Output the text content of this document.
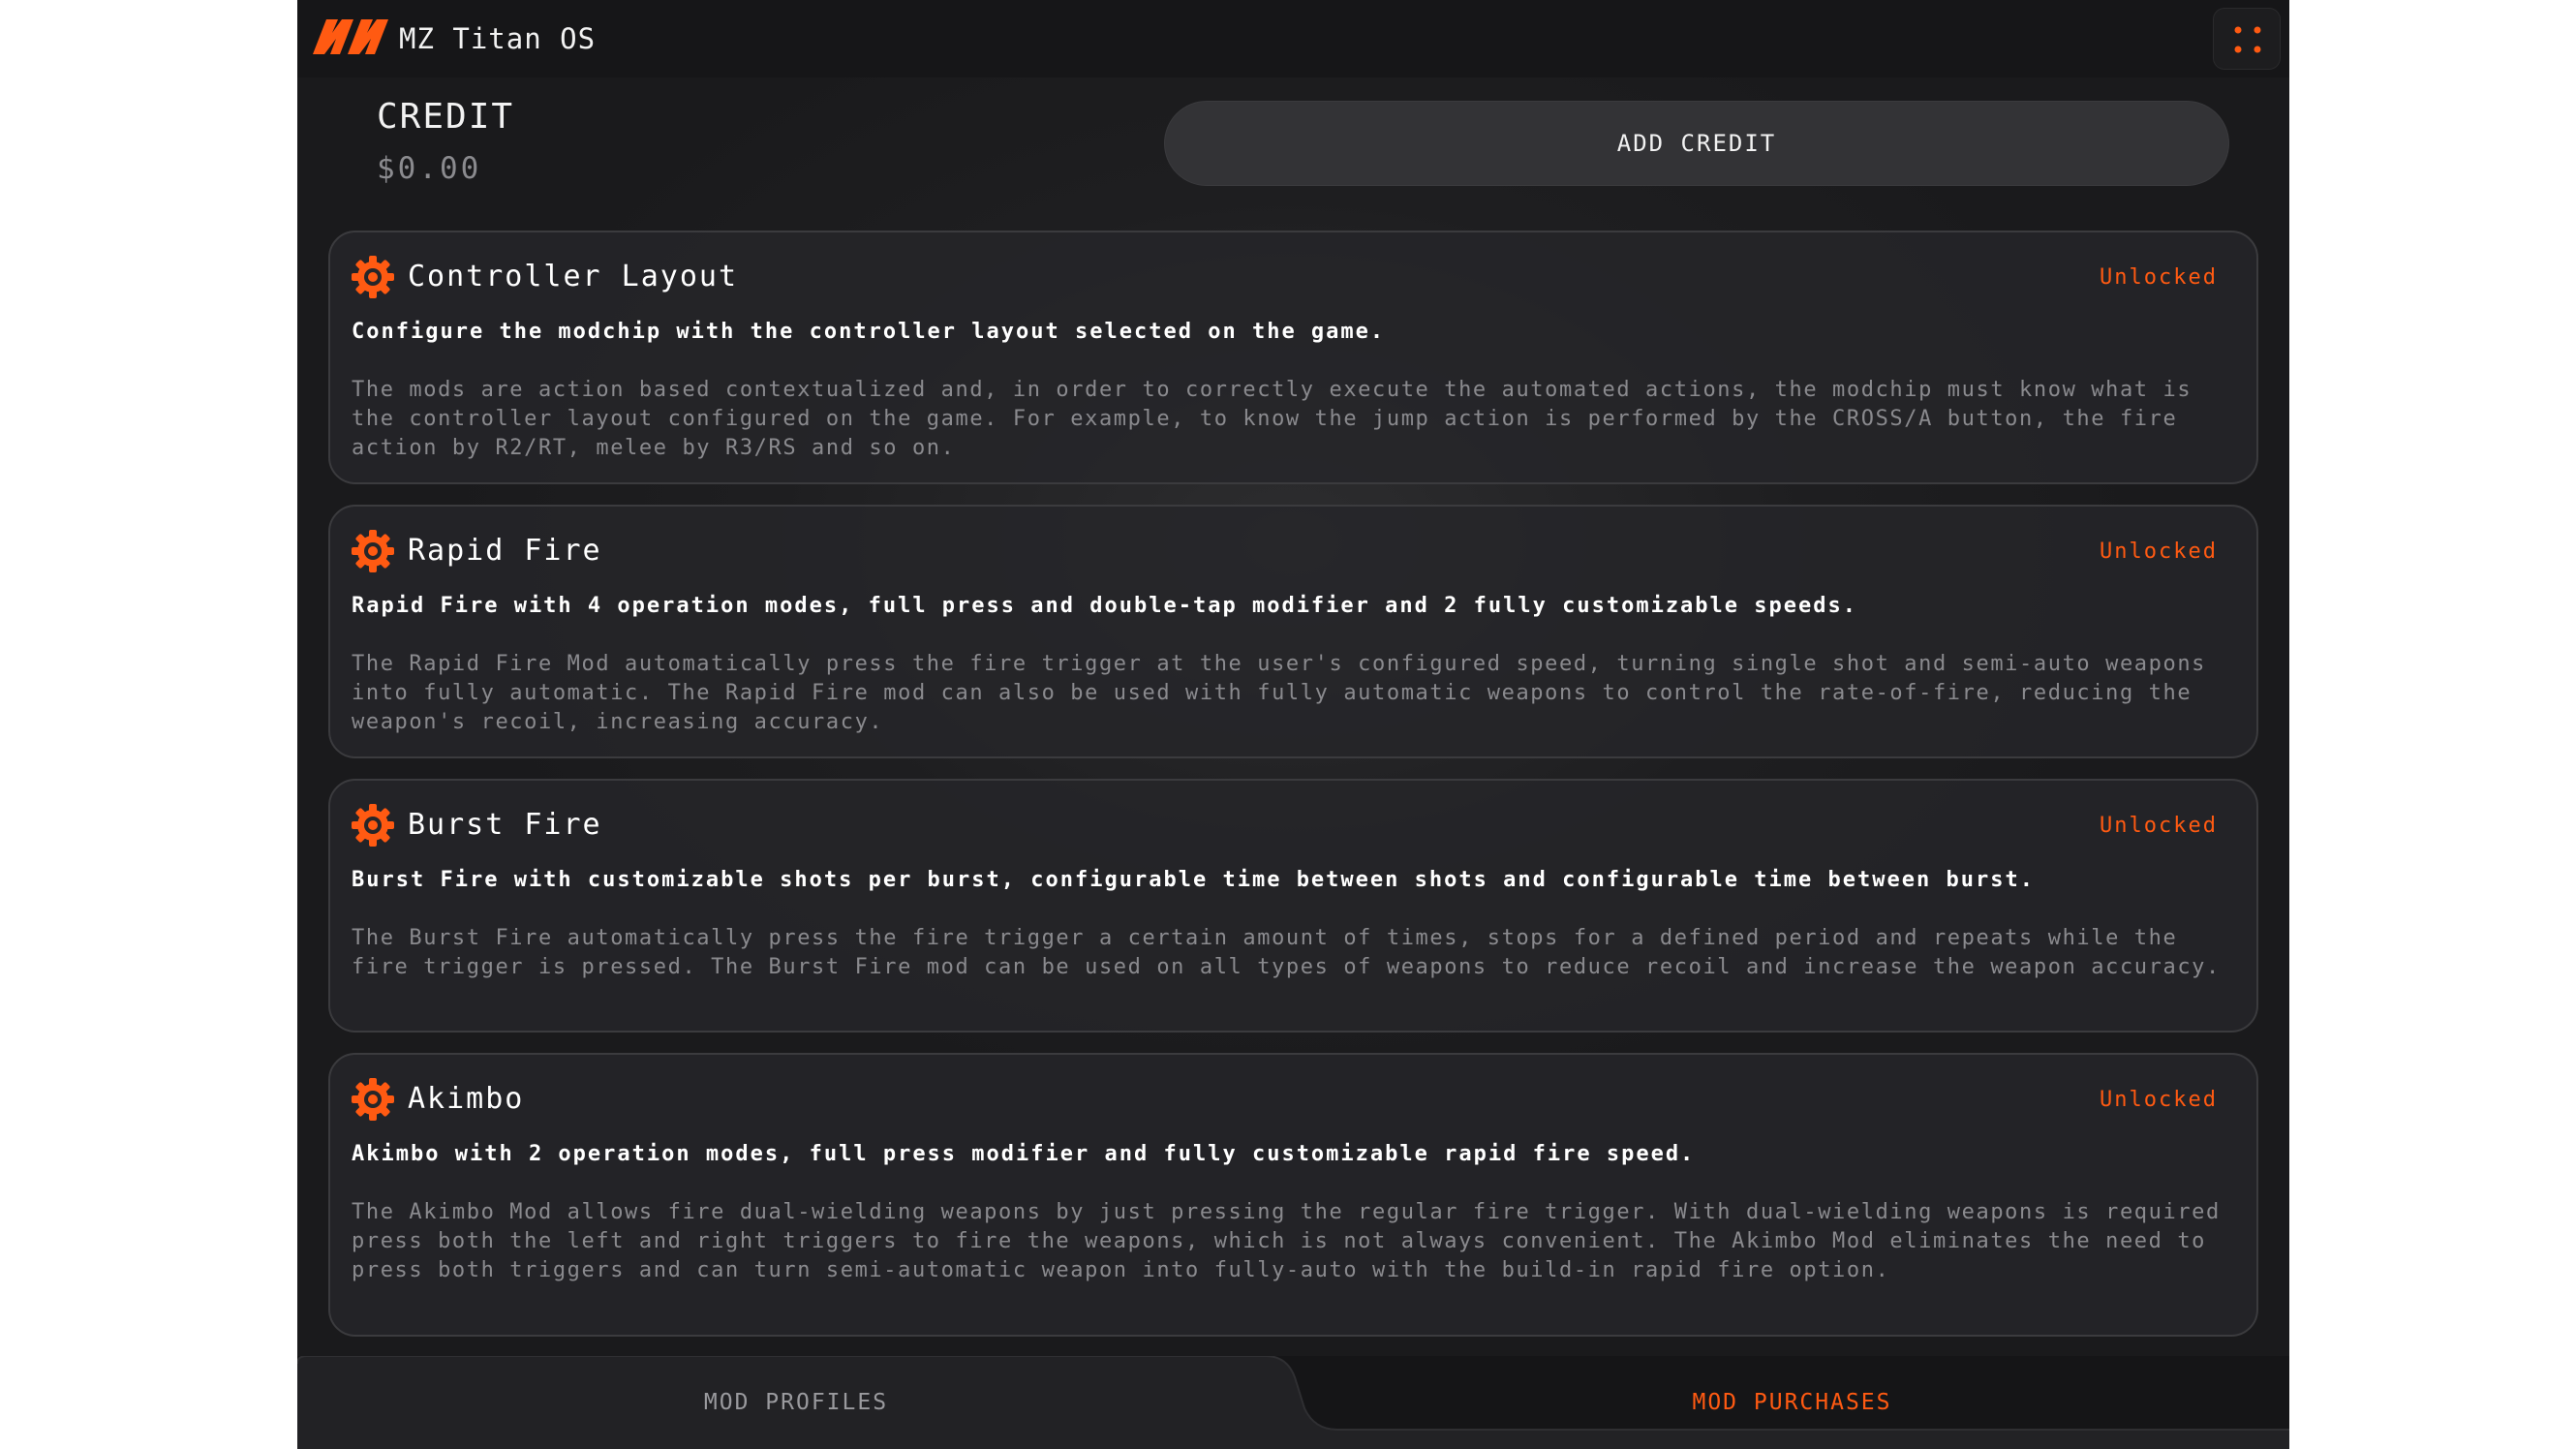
MZ Titan OS
CREDIT
$0.00
ADD CREDIT
Controller Layout	Unlocked
Configure the modchip with the controller layout selected on the game.
The mods are action based contextualized and, in order to correctly execute the automated actions, the modchip must know what is the controller layout configured on the game. For example, to know the jump action is performed by the CROSS/A button, the fire action by R2/RT, melee by R3/RS and so on.
Rapid Fire	Unlocked
Rapid Fire with 4 operation modes, full press and double-tap modifier and 2 fully customizable speeds.
The Rapid Fire Mod automatically press the fire trigger at the user's configured speed, turning single shot and semi-auto weapons into fully automatic. The Rapid Fire mod can also be used with fully automatic weapons to control the rate-of-fire, reducing the weapon's recoil, increasing accuracy.
Burst Fire	Unlocked
Burst Fire with customizable shots per burst, configurable time between shots and configurable time between burst.
The Burst Fire automatically press the fire trigger a certain amount of times, stops for a defined period and repeats while the fire trigger is pressed. The Burst Fire mod can be used on all types of weapons to reduce recoil and increase the weapon accuracy.
Akimbo	Unlocked
Akimbo with 2 operation modes, full press modifier and fully customizable rapid fire speed.
The Akimbo Mod allows fire dual-wielding weapons by just pressing the regular fire trigger. With dual-wielding weapons is required press both the left and right triggers to fire the weapons, which is not always convenient. The Akimbo Mod eliminates the need to press both triggers and can turn semi-automatic weapon into fully-auto with the build-in rapid fire option.
MOD PROFILES	MOD PURCHASES
